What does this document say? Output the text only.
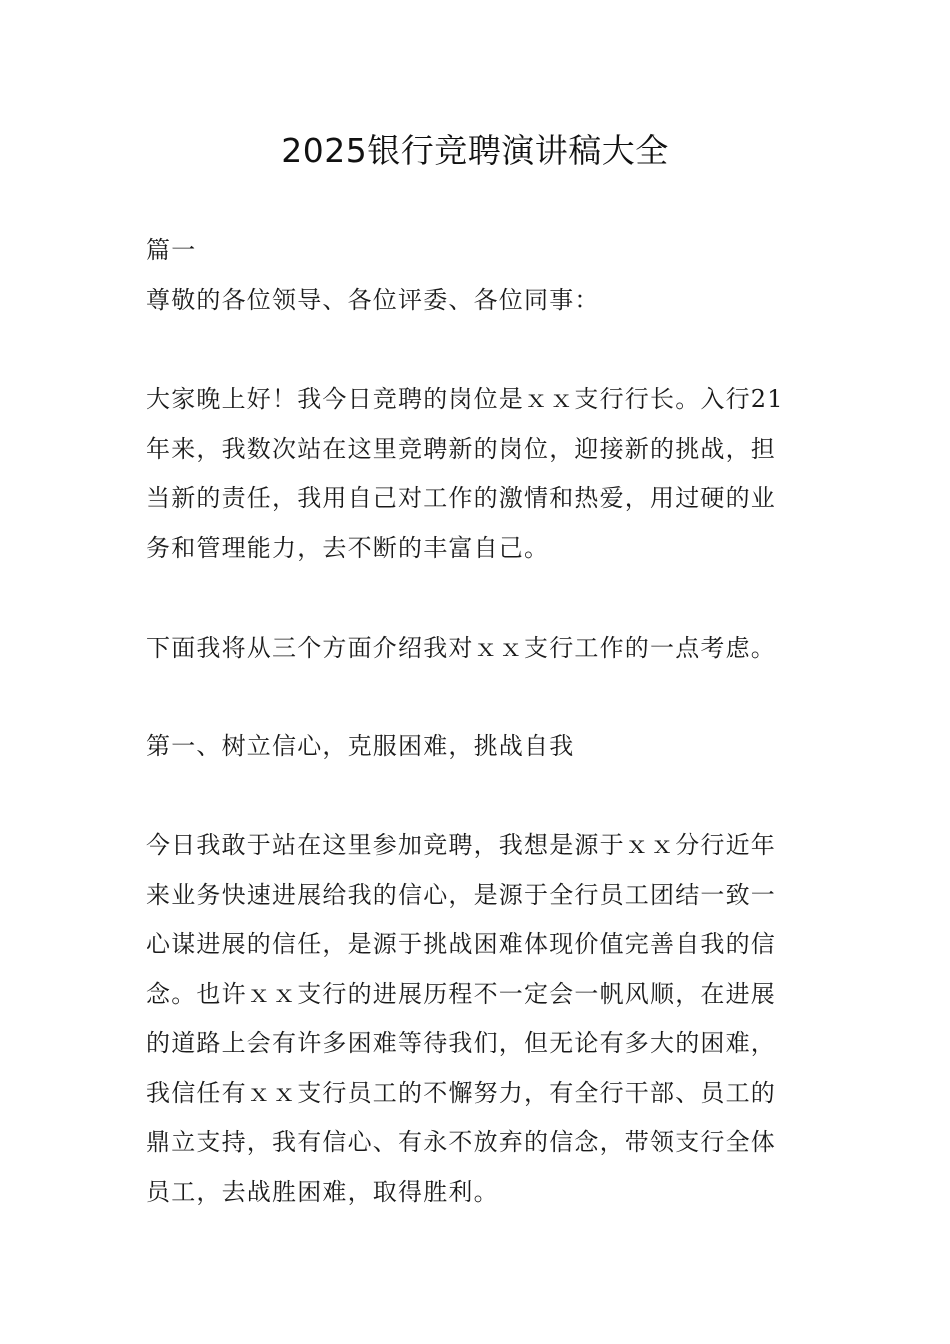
2025银行竞聘演讲稿大全
篇一
尊敬的各位领导、各位评委、各位同事：
大家晚上好！我今日竞聘的岗位是ｘｘ支行行长。入行21
年来，我数次站在这里竞聘新的岗位，迎接新的挑战，担
当新的责任，我用自己对工作的激情和热爱，用过硬的业
务和管理能力，去不断的丰富自己。
下面我将从三个方面介绍我对ｘｘ支行工作的一点考虑。
第一、树立信心，克服困难，挑战自我
今日我敢于站在这里参加竞聘，我想是源于ｘｘ分行近年
来业务快速进展给我的信心，是源于全行员工团结一致一
心谋进展的信任，是源于挑战困难体现价值完善自我的信
念。也许ｘｘ支行的进展历程不一定会一帆风顺，在进展
的道路上会有许多困难等待我们，但无论有多大的困难，
我信任有ｘｘ支行员工的不懈努力，有全行干部、员工的
鼎立支持，我有信心、有永不放弃的信念，带领支行全体
员工，去战胜困难，取得胜利。
